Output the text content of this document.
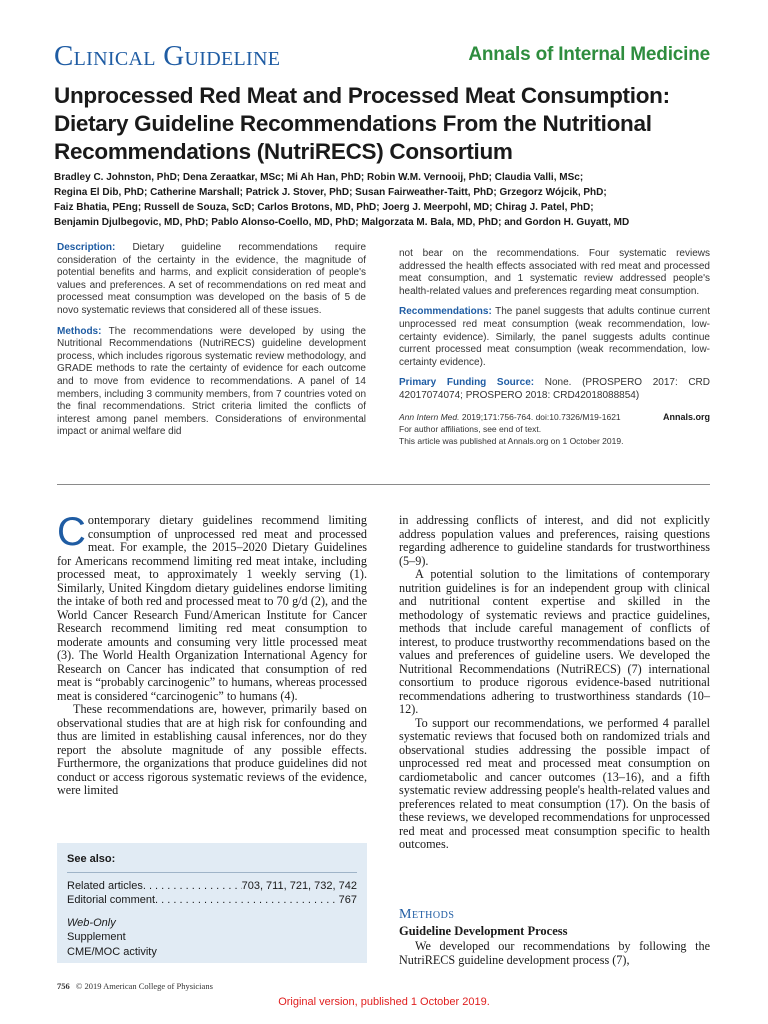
Clinical Guideline	Annals of Internal Medicine
Unprocessed Red Meat and Processed Meat Consumption: Dietary Guideline Recommendations From the Nutritional Recommendations (NutriRECS) Consortium
Bradley C. Johnston, PhD; Dena Zeraatkar, MSc; Mi Ah Han, PhD; Robin W.M. Vernooij, PhD; Claudia Valli, MSc;
Regina El Dib, PhD; Catherine Marshall; Patrick J. Stover, PhD; Susan Fairweather-Taitt, PhD; Grzegorz Wójcik, PhD;
Faiz Bhatia, PEng; Russell de Souza, ScD; Carlos Brotons, MD, PhD; Joerg J. Meerpohl, MD; Chirag J. Patel, PhD;
Benjamin Djulbegovic, MD, PhD; Pablo Alonso-Coello, MD, PhD; Malgorzata M. Bala, MD, PhD; and Gordon H. Guyatt, MD

Description: Dietary guideline recommendations require consideration of the certainty in the evidence, the magnitude of potential benefits and harms, and explicit consideration of people's values and preferences. A set of recommendations on red meat and processed meat consumption was developed on the basis of 5 de novo systematic reviews that considered all of these issues.

Methods: The recommendations were developed by using the Nutritional Recommendations (NutriRECS) guideline development process, which includes rigorous systematic review methodology, and GRADE methods to rate the certainty of evidence for each outcome and to move from evidence to recommendations. A panel of 14 members, including 3 community members, from 7 countries voted on the final recommendations. Strict criteria limited the conflicts of interest among panel members. Considerations of environmental impact or animal welfare did

not bear on the recommendations. Four systematic reviews addressed the health effects associated with red meat and processed meat consumption, and 1 systematic review addressed people's health-related values and preferences regarding meat consumption.

Recommendations: The panel suggests that adults continue current unprocessed red meat consumption (weak recommendation, low-certainty evidence). Similarly, the panel suggests adults continue current processed meat consumption (weak recommendation, low-certainty evidence).

Primary Funding Source: None. (PROSPERO 2017: CRD 42017074074; PROSPERO 2018: CRD42018088854)

Ann Intern Med. 2019;171:756-764. doi:10.7326/M19-1621	Annals.org
For author affiliations, see end of text.
This article was published at Annals.org on 1 October 2019.

Contemporary dietary guidelines recommend limiting consumption of unprocessed red meat and processed meat. For example, the 2015–2020 Dietary Guidelines for Americans recommend limiting red meat intake, including processed meat, to approximately 1 weekly serving (1). Similarly, United Kingdom dietary guidelines endorse limiting the intake of both red and processed meat to 70 g/d (2), and the World Cancer Research Fund/American Institute for Cancer Research recommend limiting red meat consumption to moderate amounts and consuming very little processed meat (3). The World Health Organization International Agency for Research on Cancer has indicated that consumption of red meat is “probably carcinogenic” to humans, whereas processed meat is considered “carcinogenic” to humans (4).

These recommendations are, however, primarily based on observational studies that are at high risk for confounding and thus are limited in establishing causal inferences, nor do they report the absolute magnitude of any possible effects. Furthermore, the organizations that produce guidelines did not conduct or access rigorous systematic reviews of the evidence, were limited

See also:
Related articles . . .	703, 711, 721, 732, 742
Editorial comment . . .	767
Web-Only
Supplement
CME/MOC activity

in addressing conflicts of interest, and did not explicitly address population values and preferences, raising questions regarding adherence to guideline standards for trustworthiness (5–9).

A potential solution to the limitations of contemporary nutrition guidelines is for an independent group with clinical and nutritional content expertise and skilled in the methodology of systematic reviews and practice guidelines, methods that include careful management of conflicts of interest, to produce trustworthy recommendations based on the values and preferences of guideline users. We developed the Nutritional Recommendations (NutriRECS) (7) international consortium to produce rigorous evidence-based nutritional recommendations adhering to trustworthiness standards (10–12).

To support our recommendations, we performed 4 parallel systematic reviews that focused both on randomized trials and observational studies addressing the possible impact of unprocessed red meat and processed meat consumption on cardiometabolic and cancer outcomes (13–16), and a fifth systematic review addressing people's health-related values and preferences related to meat consumption (17). On the basis of these reviews, we developed recommendations for unprocessed red meat and processed meat consumption specific to health outcomes.

Methods
Guideline Development Process

We developed our recommendations by following the NutriRECS guideline development process (7),

756 © 2019 American College of Physicians
Original version, published 1 October 2019.
